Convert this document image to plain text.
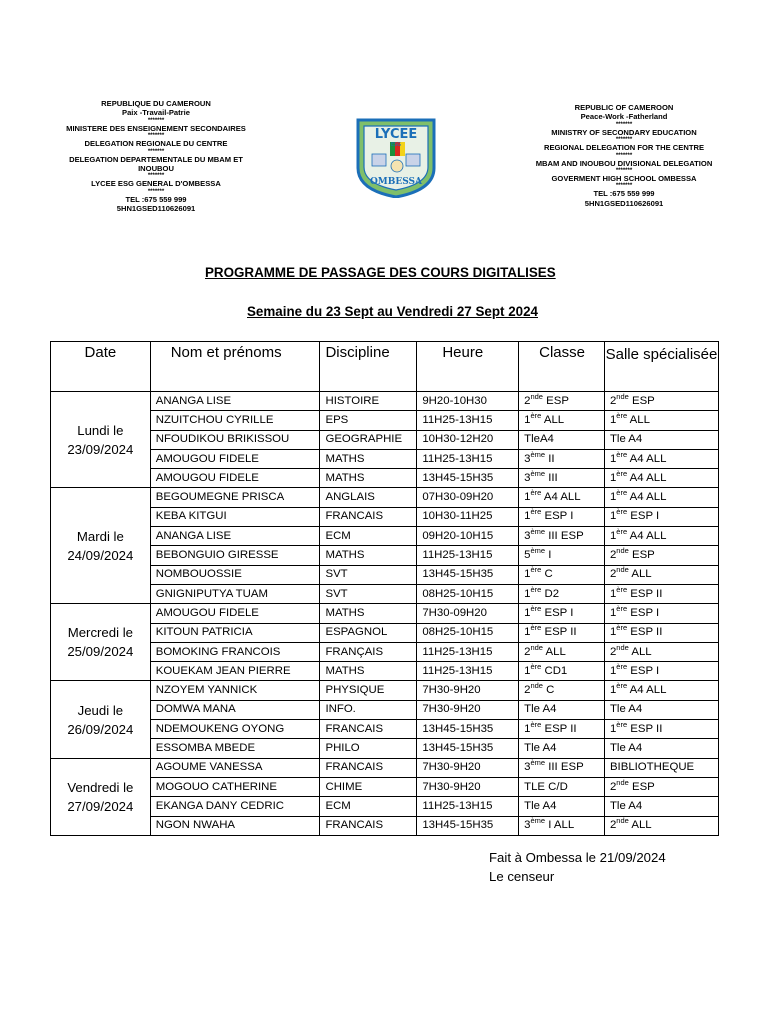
REPUBLIQUE DU CAMEROUN
Paix -Travail-Patrie
*******
MINISTERE DES ENSEIGNEMENT SECONDAIRES
*******
DELEGATION REGIONALE DU CENTRE
*******
DELEGATION DEPARTEMENTALE DU MBAM ET INOUBOU
*******
LYCEE ESG GENERAL D'OMBESSA
*******
TEL :675 559 999
5HN1GSED110626091
LYCEE
ESG
OMBESSA
REPUBLIC OF CAMEROON
Peace-Work -Fatherland
*******
MINISTRY OF SECONDARY EDUCATION
*******
REGIONAL DELEGATION FOR THE CENTRE
*******
MBAM AND INOUBOU DIVISIONAL DELEGATION
*******
GOVERMENT HIGH SCHOOL OMBESSA
*******
TEL :675 559 999
5HN1GSED110626091
PROGRAMME DE PASSAGE DES COURS DIGITALISES
Semaine du 23 Sept au Vendredi 27 Sept 2024
Date	Nom et prénoms	Discipline	Heure	Classe	Salle spécialisée
Lundi le 23/09/2024	ANANGA LISE	HISTOIRE	9H20-10H30	2nde ESP	2nde ESP
	NZUITCHOU CYRILLE	EPS	11H25-13H15	1ère ALL	1ère ALL
	NFOUDIKOU BRIKISSOU	GEOGRAPHIE	10H30-12H20	TleA4	Tle A4
	AMOUGOU FIDELE	MATHS	11H25-13H15	3ème II	1ère A4 ALL
	AMOUGOU FIDELE	MATHS	13H45-15H35	3ème III	1ère A4 ALL
Mardi le 24/09/2024	BEGOUMEGNE PRISCA	ANGLAIS	07H30-09H20	1ère A4 ALL	1ère A4 ALL
	KEBA KITGUI	FRANCAIS	10H30-11H25	1ère ESP I	1ère ESP I
	ANANGA LISE	ECM	09H20-10H15	3ème III ESP	1ère A4 ALL
	BEBONGUIO GIRESSE	MATHS	11H25-13H15	5ème I	2nde ESP
	NOMBOUOSSIE	SVT	13H45-15H35	1ère C	2nde ALL
	GNIGNIPUTYA TUAM	SVT	08H25-10H15	1ère D2	1ère ESP II
Mercredi le 25/09/2024	AMOUGOU FIDELE	MATHS	7H30-09H20	1ère ESP I	1ère ESP I
	KITOUN PATRICIA	ESPAGNOL	08H25-10H15	1ère ESP II	1ère ESP II
	BOMOKING FRANCOIS	FRANÇAIS	11H25-13H15	2nde ALL	2nde ALL
	KOUEKAM JEAN PIERRE	MATHS	11H25-13H15	1ère CD1	1ère ESP I
Jeudi le 26/09/2024	NZOYEM YANNICK	PHYSIQUE	7H30-9H20	2nde C	1ère A4 ALL
	DOMWA MANA	INFO.	7H30-9H20	Tle A4	Tle A4
	NDEMOUKENG OYONG	FRANCAIS	13H45-15H35	1ère ESP II	1ère ESP II
	ESSOMBA MBEDE	PHILO	13H45-15H35	Tle A4	Tle A4
Vendredi le 27/09/2024	AGOUME VANESSA	FRANCAIS	7H30-9H20	3ème III ESP	BIBLIOTHEQUE
	MOGOUO CATHERINE	CHIME	7H30-9H20	TLE C/D	2nde ESP
	EKANGA DANY CEDRIC	ECM	11H25-13H15	Tle A4	Tle A4
	NGON NWAHA	FRANCAIS	13H45-15H35	3ème I ALL	2nde ALL
Fait à Ombessa le 21/09/2024
Le censeur
